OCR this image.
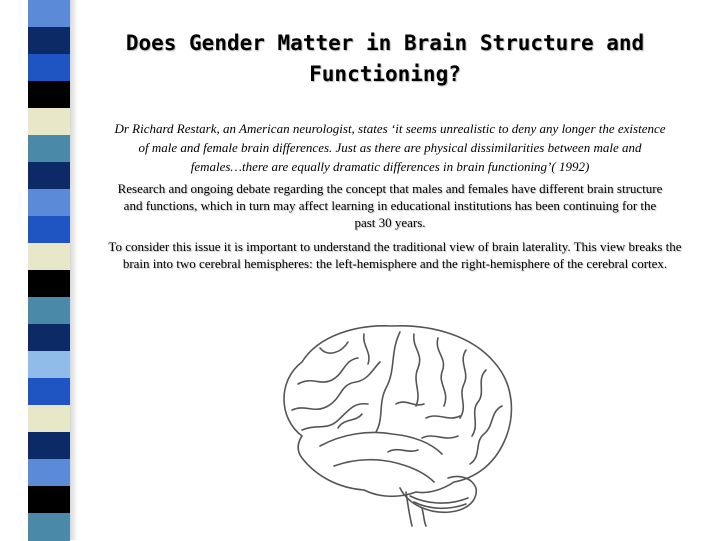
Does Gender Matter in Brain Structure and Functioning?
Dr Richard Restark, an American neurologist, states ‘it seems unrealistic to deny any longer the existence of male and female brain differences. Just as there are physical dissimilarities between male and females…there are equally dramatic differences in brain functioning’( 1992)
Research and ongoing debate regarding the concept that males and females have different brain structure and functions, which in turn may affect learning in educational institutions has been continuing for the past 30 years.
To consider this issue it is important to understand the traditional view of brain laterality. This view breaks the brain into two cerebral hemispheres: the left-hemisphere and the right-hemisphere of the cerebral cortex.
